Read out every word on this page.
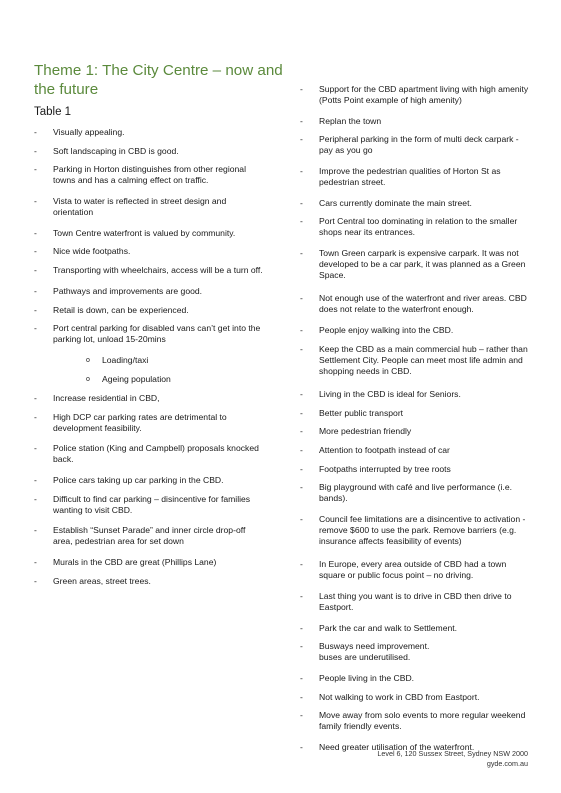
Theme 1: The City Centre – now and the future
Table 1
-	Visually appealing.
-	Soft landscaping in CBD is good.
-	Parking in Horton distinguishes from other regional towns and has a calming effect on traffic.
-	Vista to water is reflected in street design and orientation
-	Town Centre waterfront is valued by community.
-	Nice wide footpaths.
-	Transporting with wheelchairs, access will be a turn off.
-	Pathways and improvements are good.
-	Retail is down, can be experienced.
-	Port central parking for disabled vans can’t get into the parking lot, unload 15-20mins
o Loading/taxi
o Ageing population
-	Increase residential in CBD,
-	High DCP car parking rates are detrimental to development feasibility.
-	Police station (King and Campbell) proposals knocked back.
-	Police cars taking up car parking in the CBD.
-	Difficult to find car parking – disincentive for families wanting to visit CBD.
-	Establish “Sunset Parade” and inner circle drop-off area, pedestrian area for set down
-	Murals in the CBD are great (Phillips Lane)
-	Green areas, street trees.
-	Support for the CBD apartment living with high amenity (Potts Point example of high amenity)
-	Replan the town
-	Peripheral parking in the form of multi deck carpark - pay as you go
-	Improve the pedestrian qualities of Horton St as pedestrian street.
-	Cars currently dominate the main street.
-	Port Central too dominating in relation to the smaller shops near its entrances.
-	Town Green carpark is expensive carpark. It was not developed to be a car park, it was planned as a Green Space.
-	Not enough use of the waterfront and river areas. CBD does not relate to the waterfront enough.
-	People enjoy walking into the CBD.
-	Keep the CBD as a main commercial hub – rather than Settlement City. People can meet most life admin and shopping needs in CBD.
-	Living in the CBD is ideal for Seniors.
-	Better public transport
-	More pedestrian friendly
-	Attention to footpath instead of car
-	Footpaths interrupted by tree roots
-	Big playground with café and live performance (i.e. bands).
-	Council fee limitations are a disincentive to activation - remove $600 to use the park. Remove barriers (e.g. insurance affects feasibility of events)
-	In Europe, every area outside of CBD had a town square or public focus point – no driving.
-	Last thing you want is to drive in CBD then drive to Eastport.
-	Park the car and walk to Settlement.
-	Busways need improvement.
buses are underutilised.
-	People living in the CBD.
-	Not walking to work in CBD from Eastport.
-	Move away from solo events to more regular weekend family friendly events.
-	Need greater utilisation of the waterfront.
Level 6, 120 Sussex Street, Sydney NSW 2000
gyde.com.au
